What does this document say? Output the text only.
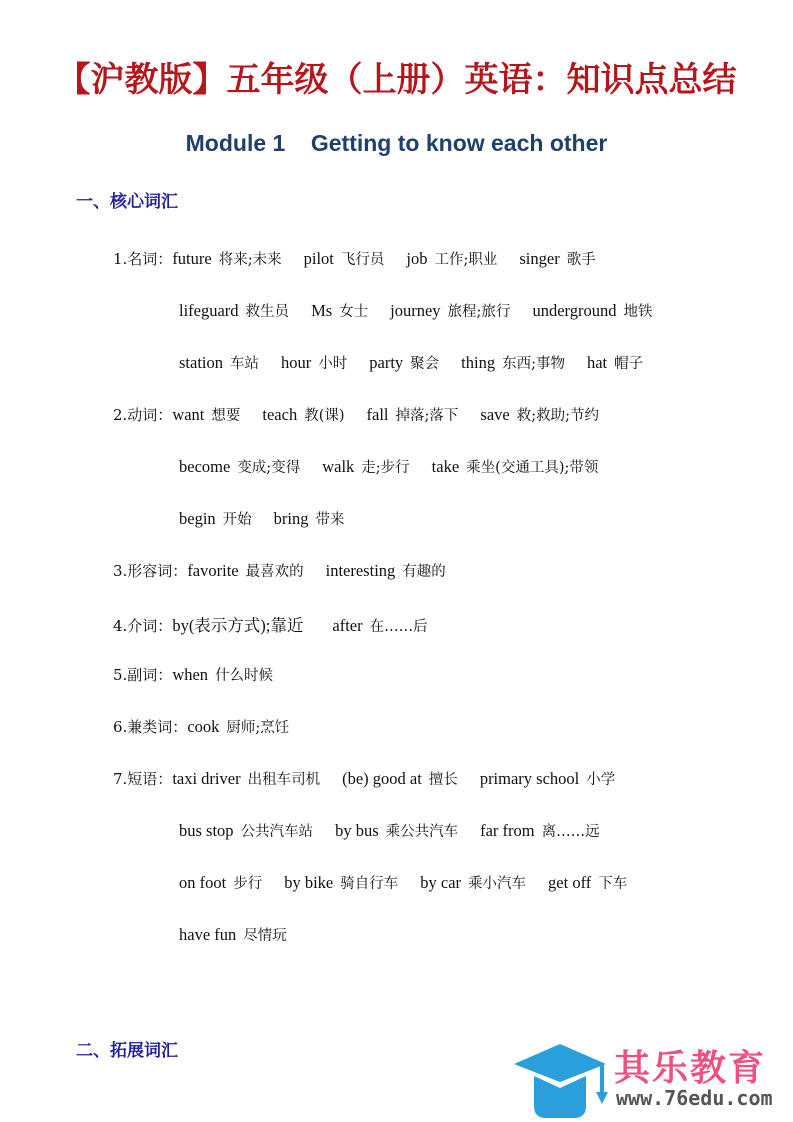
【沪教版】五年级（上册）英语：知识点总结
Module 1    Getting to know each other
一、核心词汇
1.名词：future 将来;未来 pilot 飞行员 job 工作;职业 singer 歌手
lifeguard 救生员 Ms 女士 journey 旅程;旅行 underground 地铁
station 车站 hour 小时 party 聚会 thing 东西;事物 hat 帽子
2.动词：want 想要 teach 教(课) fall 掉落;落下 save 救;救助;节约
become 变成;变得 walk 走;步行 take 乘坐(交通工具);带领
begin 开始 bring 带来
3.形容词：favorite 最喜欢的 interesting 有趣的
4.介词：by(表示方式);靠近 after 在……后
5.副词：when 什么时候
6.兼类词：cook 厨师;烹饪
7.短语：taxi driver 出租车司机 (be) good at 擅长 primary school 小学
bus stop 公共汽车站 by bus 乘公共汽车 far from 离……远
on foot 步行 by bike 骑自行车 by car 乘小汽车 get off 下车
have fun 尽情玩
二、拓展词汇	其乐教育
www.76edu.com
